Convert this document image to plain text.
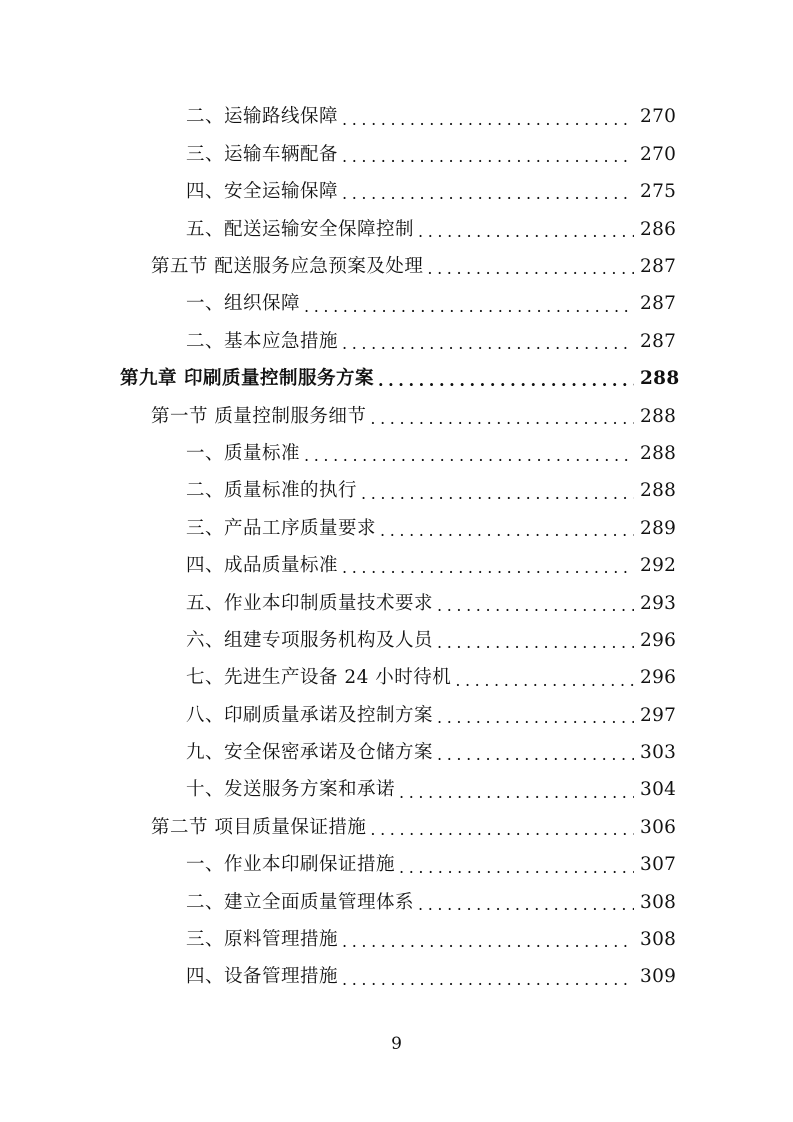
二、运输路线保障 .....	270
三、运输车辆配备 .....	270
四、安全运输保障 .....	275
五、配送运输安全保障控制 .....	286
第五节 配送服务应急预案及处理 .....	287
一、组织保障 .....	287
二、基本应急措施 .....	287
第九章 印刷质量控制服务方案 .....	288
第一节 质量控制服务细节 .....	288
一、质量标准 .....	288
二、质量标准的执行 .....	288
三、产品工序质量要求 .....	289
四、成品质量标准 .....	292
五、作业本印制质量技术要求 .....	293
六、组建专项服务机构及人员 .....	296
七、先进生产设备 24 小时待机 .....	296
八、印刷质量承诺及控制方案 .....	297
九、安全保密承诺及仓储方案 .....	303
十、发送服务方案和承诺 .....	304
第二节 项目质量保证措施 .....	306
一、作业本印刷保证措施 .....	307
二、建立全面质量管理体系 .....	308
三、原料管理措施 .....	308
四、设备管理措施 .....	309
9
